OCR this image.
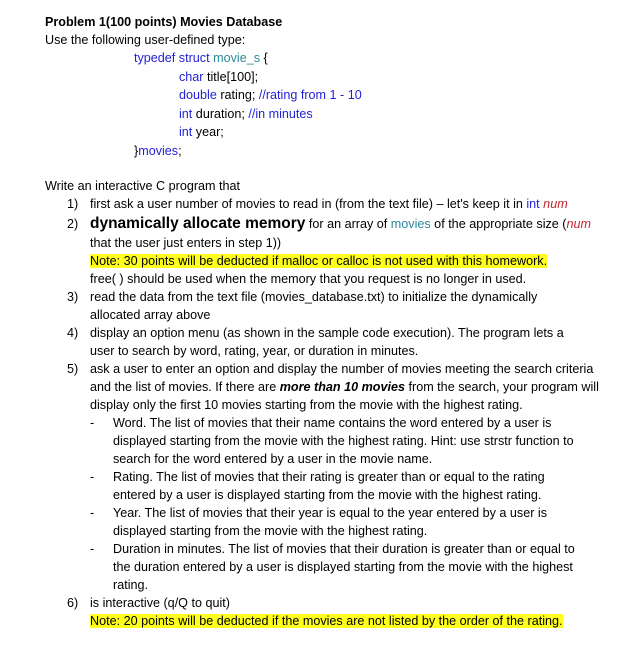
Problem 1(100 points) Movies Database
Use the following user-defined type:
typedef struct movie_s {
char title[100];
double rating; //rating from 1 - 10
int duration; //in minutes
int year;
}movies;
Write an interactive C program that
1) first ask a user number of movies to read in (from the text file) – let's keep it in int num
2) dynamically allocate memory for an array of movies of the appropriate size (num
that the user just enters in step 1))
Note: 30 points will be deducted if malloc or calloc is not used with this homework.
free( ) should be used when the memory that you request is no longer in used.
3) read the data from the text file (movies_database.txt) to initialize the dynamically
allocated array above
4) display an option menu (as shown in the sample code execution). The program lets a
user to search by word, rating, year, or duration in minutes.
5) ask a user to enter an option and display the number of movies meeting the search criteria
and the list of movies. If there are more than 10 movies from the search, your program will
display only the first 10 movies starting from the movie with the highest rating.
- Word. The list of movies that their name contains the word entered by a user is
displayed starting from the movie with the highest rating. Hint: use strstr function to
search for the word entered by a user in the movie name.
- Rating. The list of movies that their rating is greater than or equal to the rating
entered by a user is displayed starting from the movie with the highest rating.
- Year. The list of movies that their year is equal to the year entered by a user is
displayed starting from the movie with the highest rating.
- Duration in minutes. The list of movies that their duration is greater than or equal to
the duration entered by a user is displayed starting from the movie with the highest
rating.
6) is interactive (q/Q to quit)
Note: 20 points will be deducted if the movies are not listed by the order of the rating.
